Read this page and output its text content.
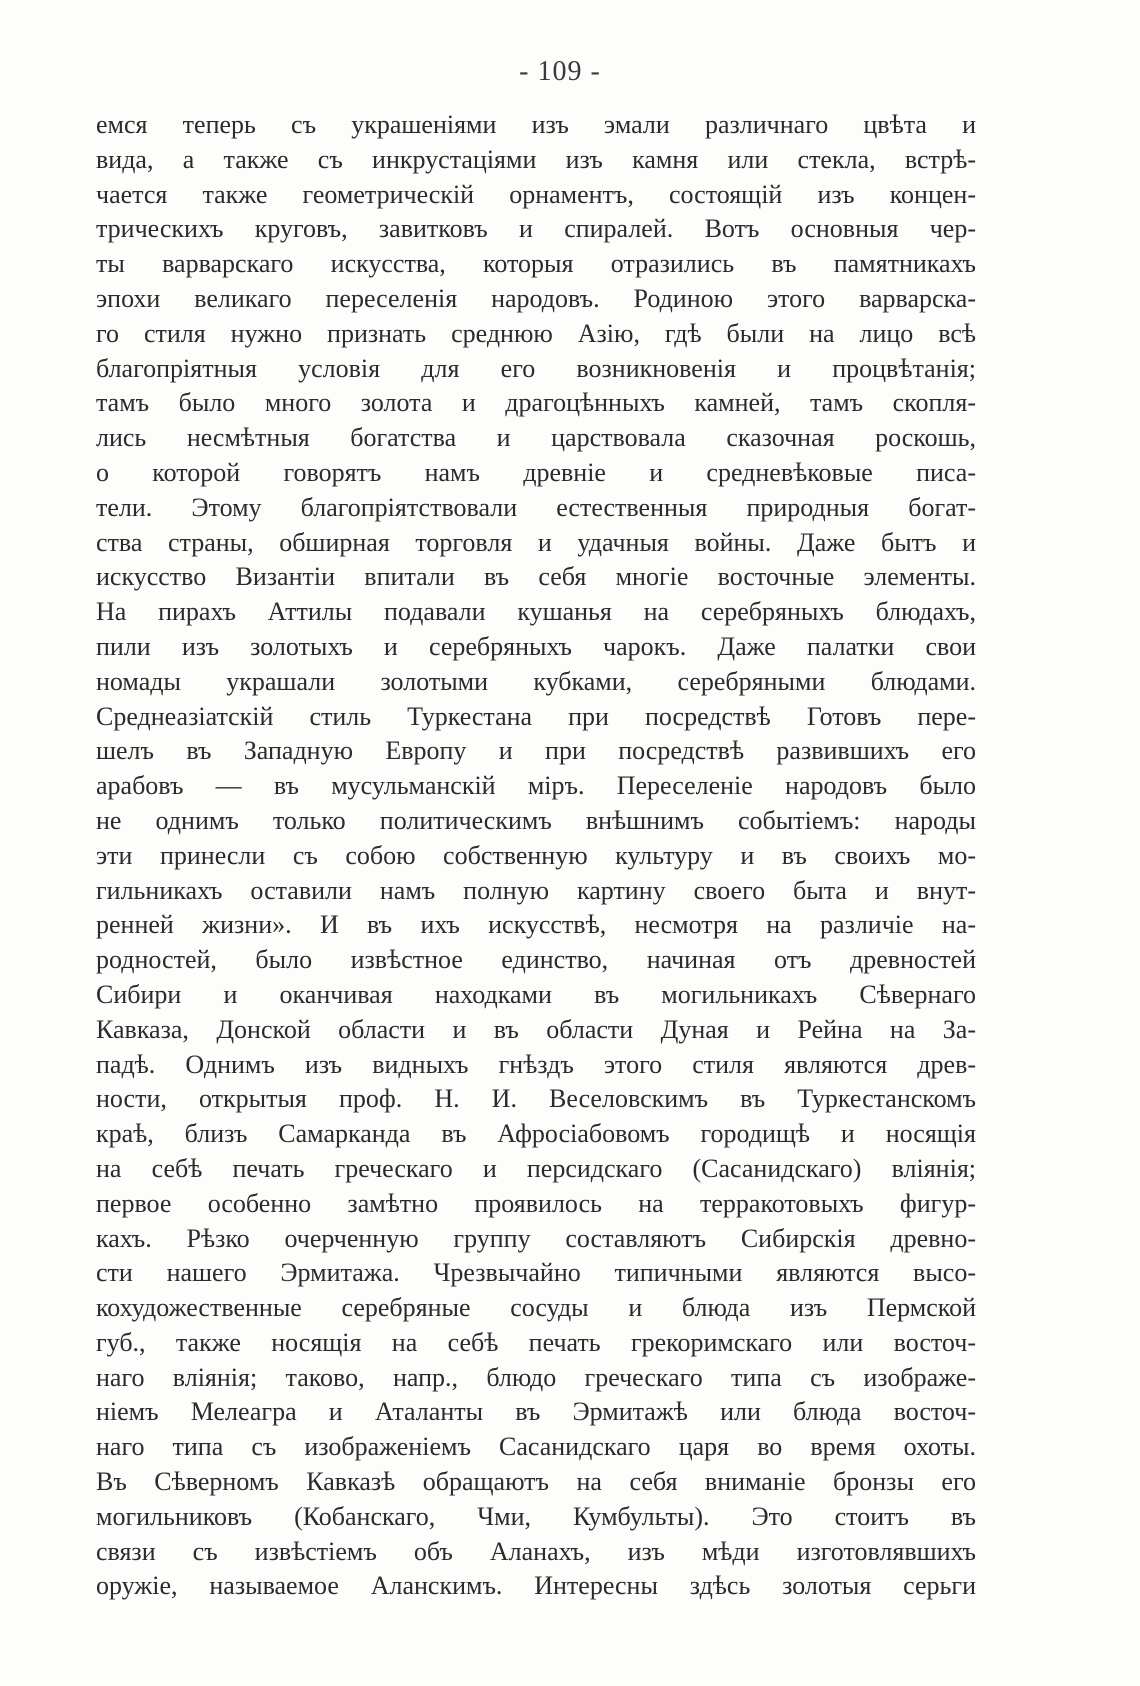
- 109 -
емся теперь съ украшеніями изъ эмали различнаго цвѣта и
вида, а также съ инкрустаціями изъ камня или стекла, встрѣ-
чается также геометрическій орнаментъ, состоящій изъ концен-
трическихъ круговъ, завитковъ и спиралей. Вотъ основныя чер-
ты варварскаго искусства, которыя отразились въ памятникахъ
эпохи великаго переселенія народовъ. Родиною этого варварска-
го стиля нужно признать среднюю Азію, гдѣ были на лицо всѣ
благопріятныя условія для его возникновенія и процвѣтанія;
тамъ было много золота и драгоцѣнныхъ камней, тамъ скопля-
лись несмѣтныя богатства и царствовала сказочная роскошь,
о которой говорятъ намъ древніе и средневѣковые писа-
тели. Этому благопріятствовали естественныя природныя богат-
ства страны, обширная торговля и удачныя войны. Даже бытъ и
искусство Византіи впитали въ себя многіе восточные элементы.
На пирахъ Аттилы подавали кушанья на серебряныхъ блюдахъ,
пили изъ золотыхъ и серебряныхъ чарокъ. Даже палатки свои
номады украшали золотыми кубками, серебряными блюдами.
Среднеазіатскій стиль Туркестана при посредствѣ Готовъ пере-
шелъ въ Западную Европу и при посредствѣ развившихъ его
арабовъ — въ мусульманскій міръ. Переселеніе народовъ было
не однимъ только политическимъ внѣшнимъ событіемъ: народы
эти принесли съ собою собственную культуру и въ своихъ мо-
гильникахъ оставили намъ полную картину своего быта и внут-
ренней жизни». И въ ихъ искусствѣ, несмотря на различіе на-
родностей, было извѣстное единство, начиная отъ древностей
Сибири и оканчивая находками въ могильникахъ Сѣвернаго
Кавказа, Донской области и въ области Дуная и Рейна на За-
падѣ. Однимъ изъ видныхъ гнѣздъ этого стиля являются древ-
ности, открытыя проф. Н. И. Веселовскимъ въ Туркестанскомъ
краѣ, близъ Самарканда въ Афросіабовомъ городищѣ и носящія
на себѣ печать греческаго и персидскаго (Сасанидскаго) вліянія;
первое особенно замѣтно проявилось на терракотовыхъ фигур-
кахъ. Рѣзко очерченную группу составляютъ Сибирскія древно-
сти нашего Эрмитажа. Чрезвычайно типичными являются высо-
кохудожественные серебряные сосуды и блюда изъ Пермской
губ., также носящія на себѣ печать грекоримскаго или восточ-
наго вліянія; таково, напр., блюдо греческаго типа съ изображе-
ніемъ Мелеагра и Аталанты въ Эрмитажѣ или блюда восточ-
наго типа съ изображеніемъ Сасанидскаго царя во время охоты.
Въ Сѣверномъ Кавказѣ обращаютъ на себя вниманіе бронзы его
могильниковъ (Кобанскаго, Чми, Кумбульты). Это стоитъ въ
связи съ извѣстіемъ объ Аланахъ, изъ мѣди изготовлявшихъ
оружіе, называемое Аланскимъ. Интересны здѣсь золотыя серьги
